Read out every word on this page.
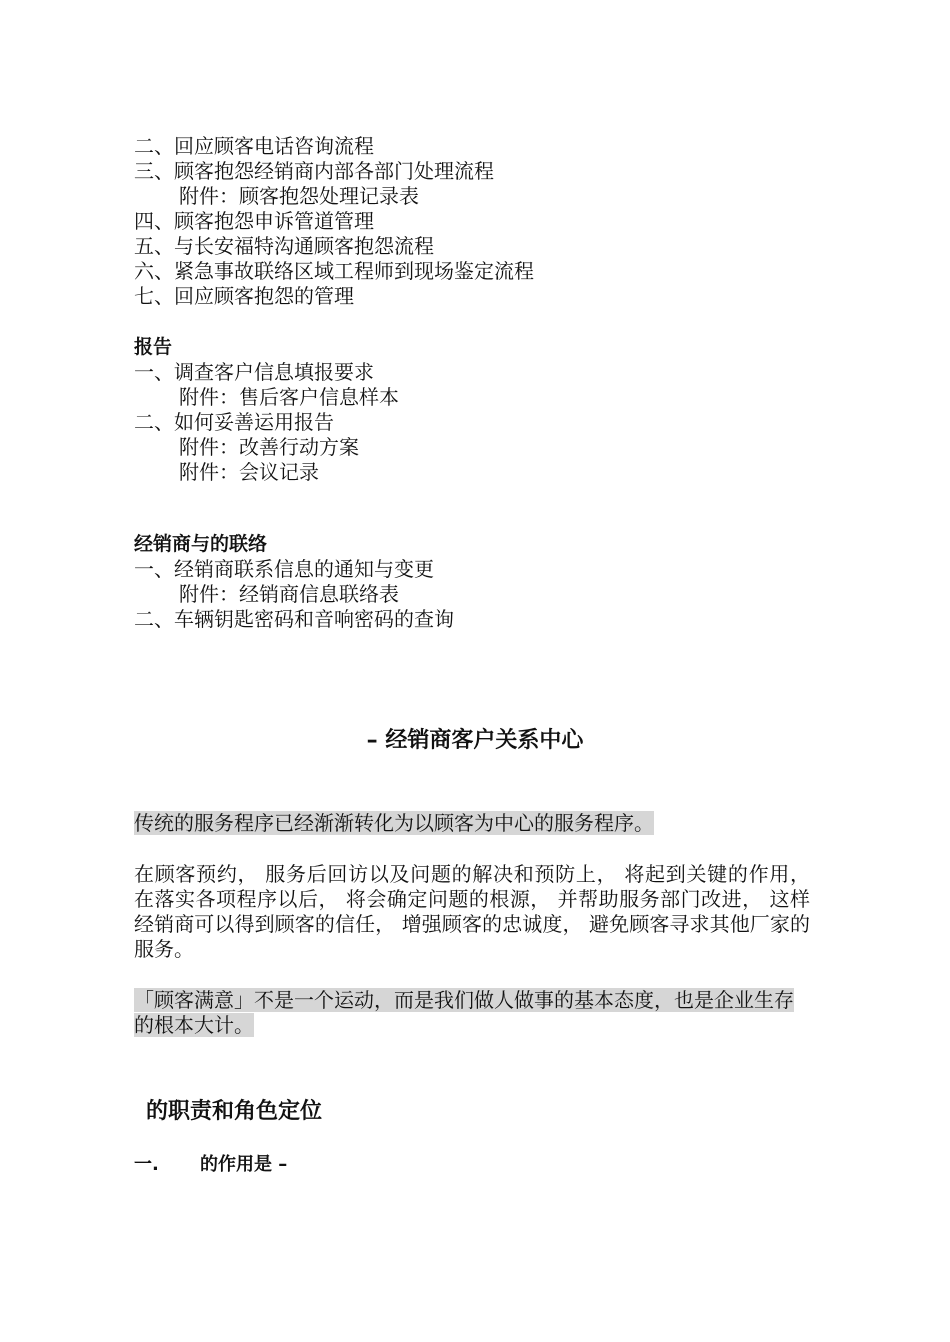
二、回应顾客电话咨询流程
三、顾客抱怨经销商内部各部门处理流程
附件：顾客抱怨处理记录表
四、顾客抱怨申诉管道管理
五、与长安福特沟通顾客抱怨流程
六、紧急事故联络区域工程师到现场鉴定流程
七、回应顾客抱怨的管理
报告
一、调查客户信息填报要求
附件：售后客户信息样本
二、如何妥善运用报告
附件：改善行动方案
附件：会议记录
经销商与的联络
一、经销商联系信息的通知与变更
附件：经销商信息联络表
二、车辆钥匙密码和音响密码的查询
– 经销商客户关系中心
传统的服务程序已经渐渐转化为以顾客为中心的服务程序。
在顾客预约， 服务后回访以及问题的解决和预防上， 将起到关键的作用， 在落实各项程序以后， 将会确定问题的根源， 并帮助服务部门改进， 这样经销商可以得到顾客的信任， 增强顾客的忠诚度， 避免顾客寻求其他厂家的服务。
「顾客满意」不是一个运动，而是我们做人做事的基本态度，也是企业生存的根本大计。
的职责和角色定位
一. 的作用是 –
